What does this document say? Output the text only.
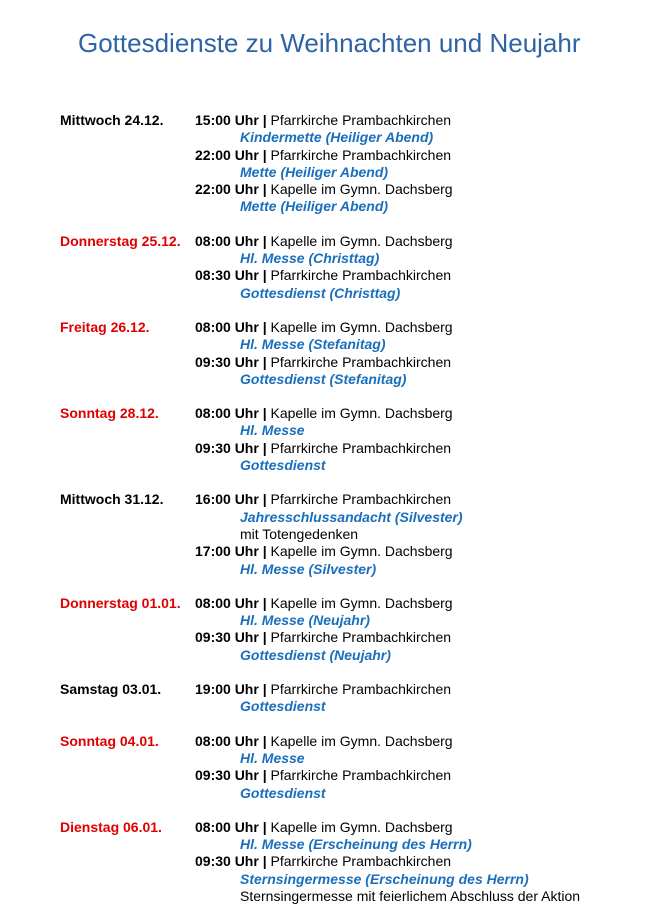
Gottesdienste zu Weihnachten und Neujahr
Mittwoch 24.12.	15:00 Uhr | Pfarrkirche Prambachkirchen
Kindermette (Heiliger Abend)
22:00 Uhr | Pfarrkirche Prambachkirchen
Mette (Heiliger Abend)
22:00 Uhr | Kapelle im Gymn. Dachsberg
Mette (Heiliger Abend)
Donnerstag 25.12.	08:00 Uhr | Kapelle im Gymn. Dachsberg
Hl. Messe (Christtag)
08:30 Uhr | Pfarrkirche Prambachkirchen
Gottesdienst (Christtag)
Freitag 26.12.	08:00 Uhr | Kapelle im Gymn. Dachsberg
Hl. Messe (Stefanitag)
09:30 Uhr | Pfarrkirche Prambachkirchen
Gottesdienst (Stefanitag)
Sonntag 28.12.	08:00 Uhr | Kapelle im Gymn. Dachsberg
Hl. Messe
09:30 Uhr | Pfarrkirche Prambachkirchen
Gottesdienst
Mittwoch 31.12.	16:00 Uhr | Pfarrkirche Prambachkirchen
Jahresschlussandacht (Silvester)
mit Totengedenken
17:00 Uhr | Kapelle im Gymn. Dachsberg
Hl. Messe (Silvester)
Donnerstag 01.01.	08:00 Uhr | Kapelle im Gymn. Dachsberg
Hl. Messe (Neujahr)
09:30 Uhr | Pfarrkirche Prambachkirchen
Gottesdienst (Neujahr)
Samstag 03.01.	19:00 Uhr | Pfarrkirche Prambachkirchen
Gottesdienst
Sonntag 04.01.	08:00 Uhr | Kapelle im Gymn. Dachsberg
Hl. Messe
09:30 Uhr | Pfarrkirche Prambachkirchen
Gottesdienst
Dienstag 06.01.	08:00 Uhr | Kapelle im Gymn. Dachsberg
Hl. Messe (Erscheinung des Herrn)
09:30 Uhr | Pfarrkirche Prambachkirchen
Sternsingermesse (Erscheinung des Herrn)
Sternsingermesse mit feierlichem Abschluss der Aktion
